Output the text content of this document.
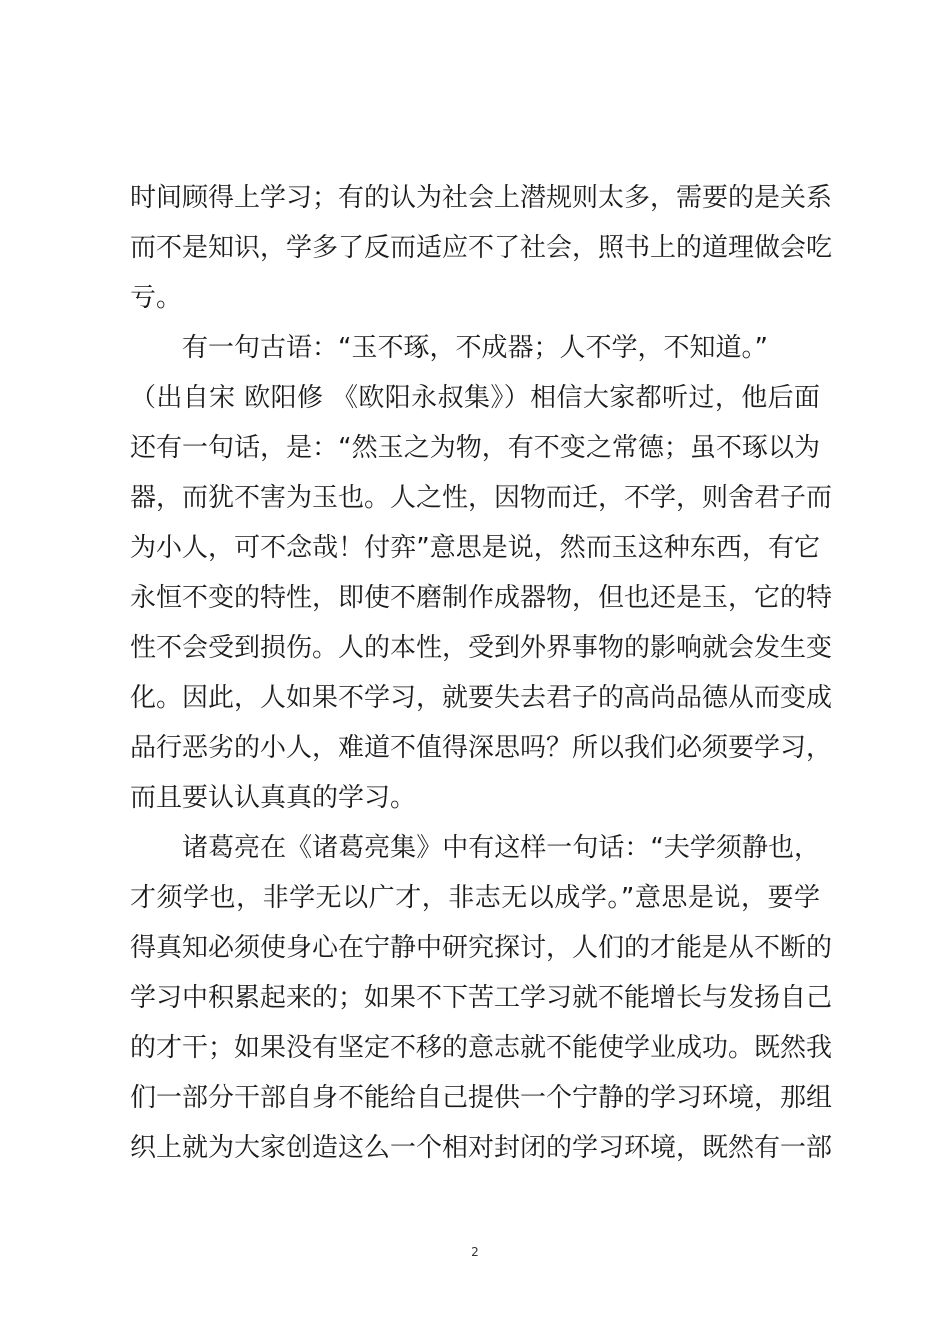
时间顾得上学习；有的认为社会上潜规则太多，需要的是关系
而不是知识，学多了反而适应不了社会，照书上的道理做会吃
亏。
有一句古语：“玉不琢，不成器；人不学，不知道。”
（出自宋 欧阳修 《欧阳永叔集》）相信大家都听过，他后面
还有一句话，是：“然玉之为物，有不变之常德；虽不琢以为
器，而犹不害为玉也。人之性，因物而迁，不学，则舍君子而
为小人，可不念哉！付弈”意思是说，然而玉这种东西，有它
永恒不变的特性，即使不磨制作成器物，但也还是玉，它的特
性不会受到损伤。人的本性，受到外界事物的影响就会发生变
化。因此，人如果不学习，就要失去君子的高尚品德从而变成
品行恶劣的小人，难道不值得深思吗？所以我们必须要学习，
而且要认认真真的学习。
诸葛亮在《诸葛亮集》中有这样一句话：“夫学须静也，
才须学也，非学无以广才，非志无以成学。”意思是说，要学
得真知必须使身心在宁静中研究探讨，人们的才能是从不断的
学习中积累起来的；如果不下苦工学习就不能增长与发扬自己
的才干；如果没有坚定不移的意志就不能使学业成功。既然我
们一部分干部自身不能给自己提供一个宁静的学习环境，那组
织上就为大家创造这么一个相对封闭的学习环境，既然有一部
2
